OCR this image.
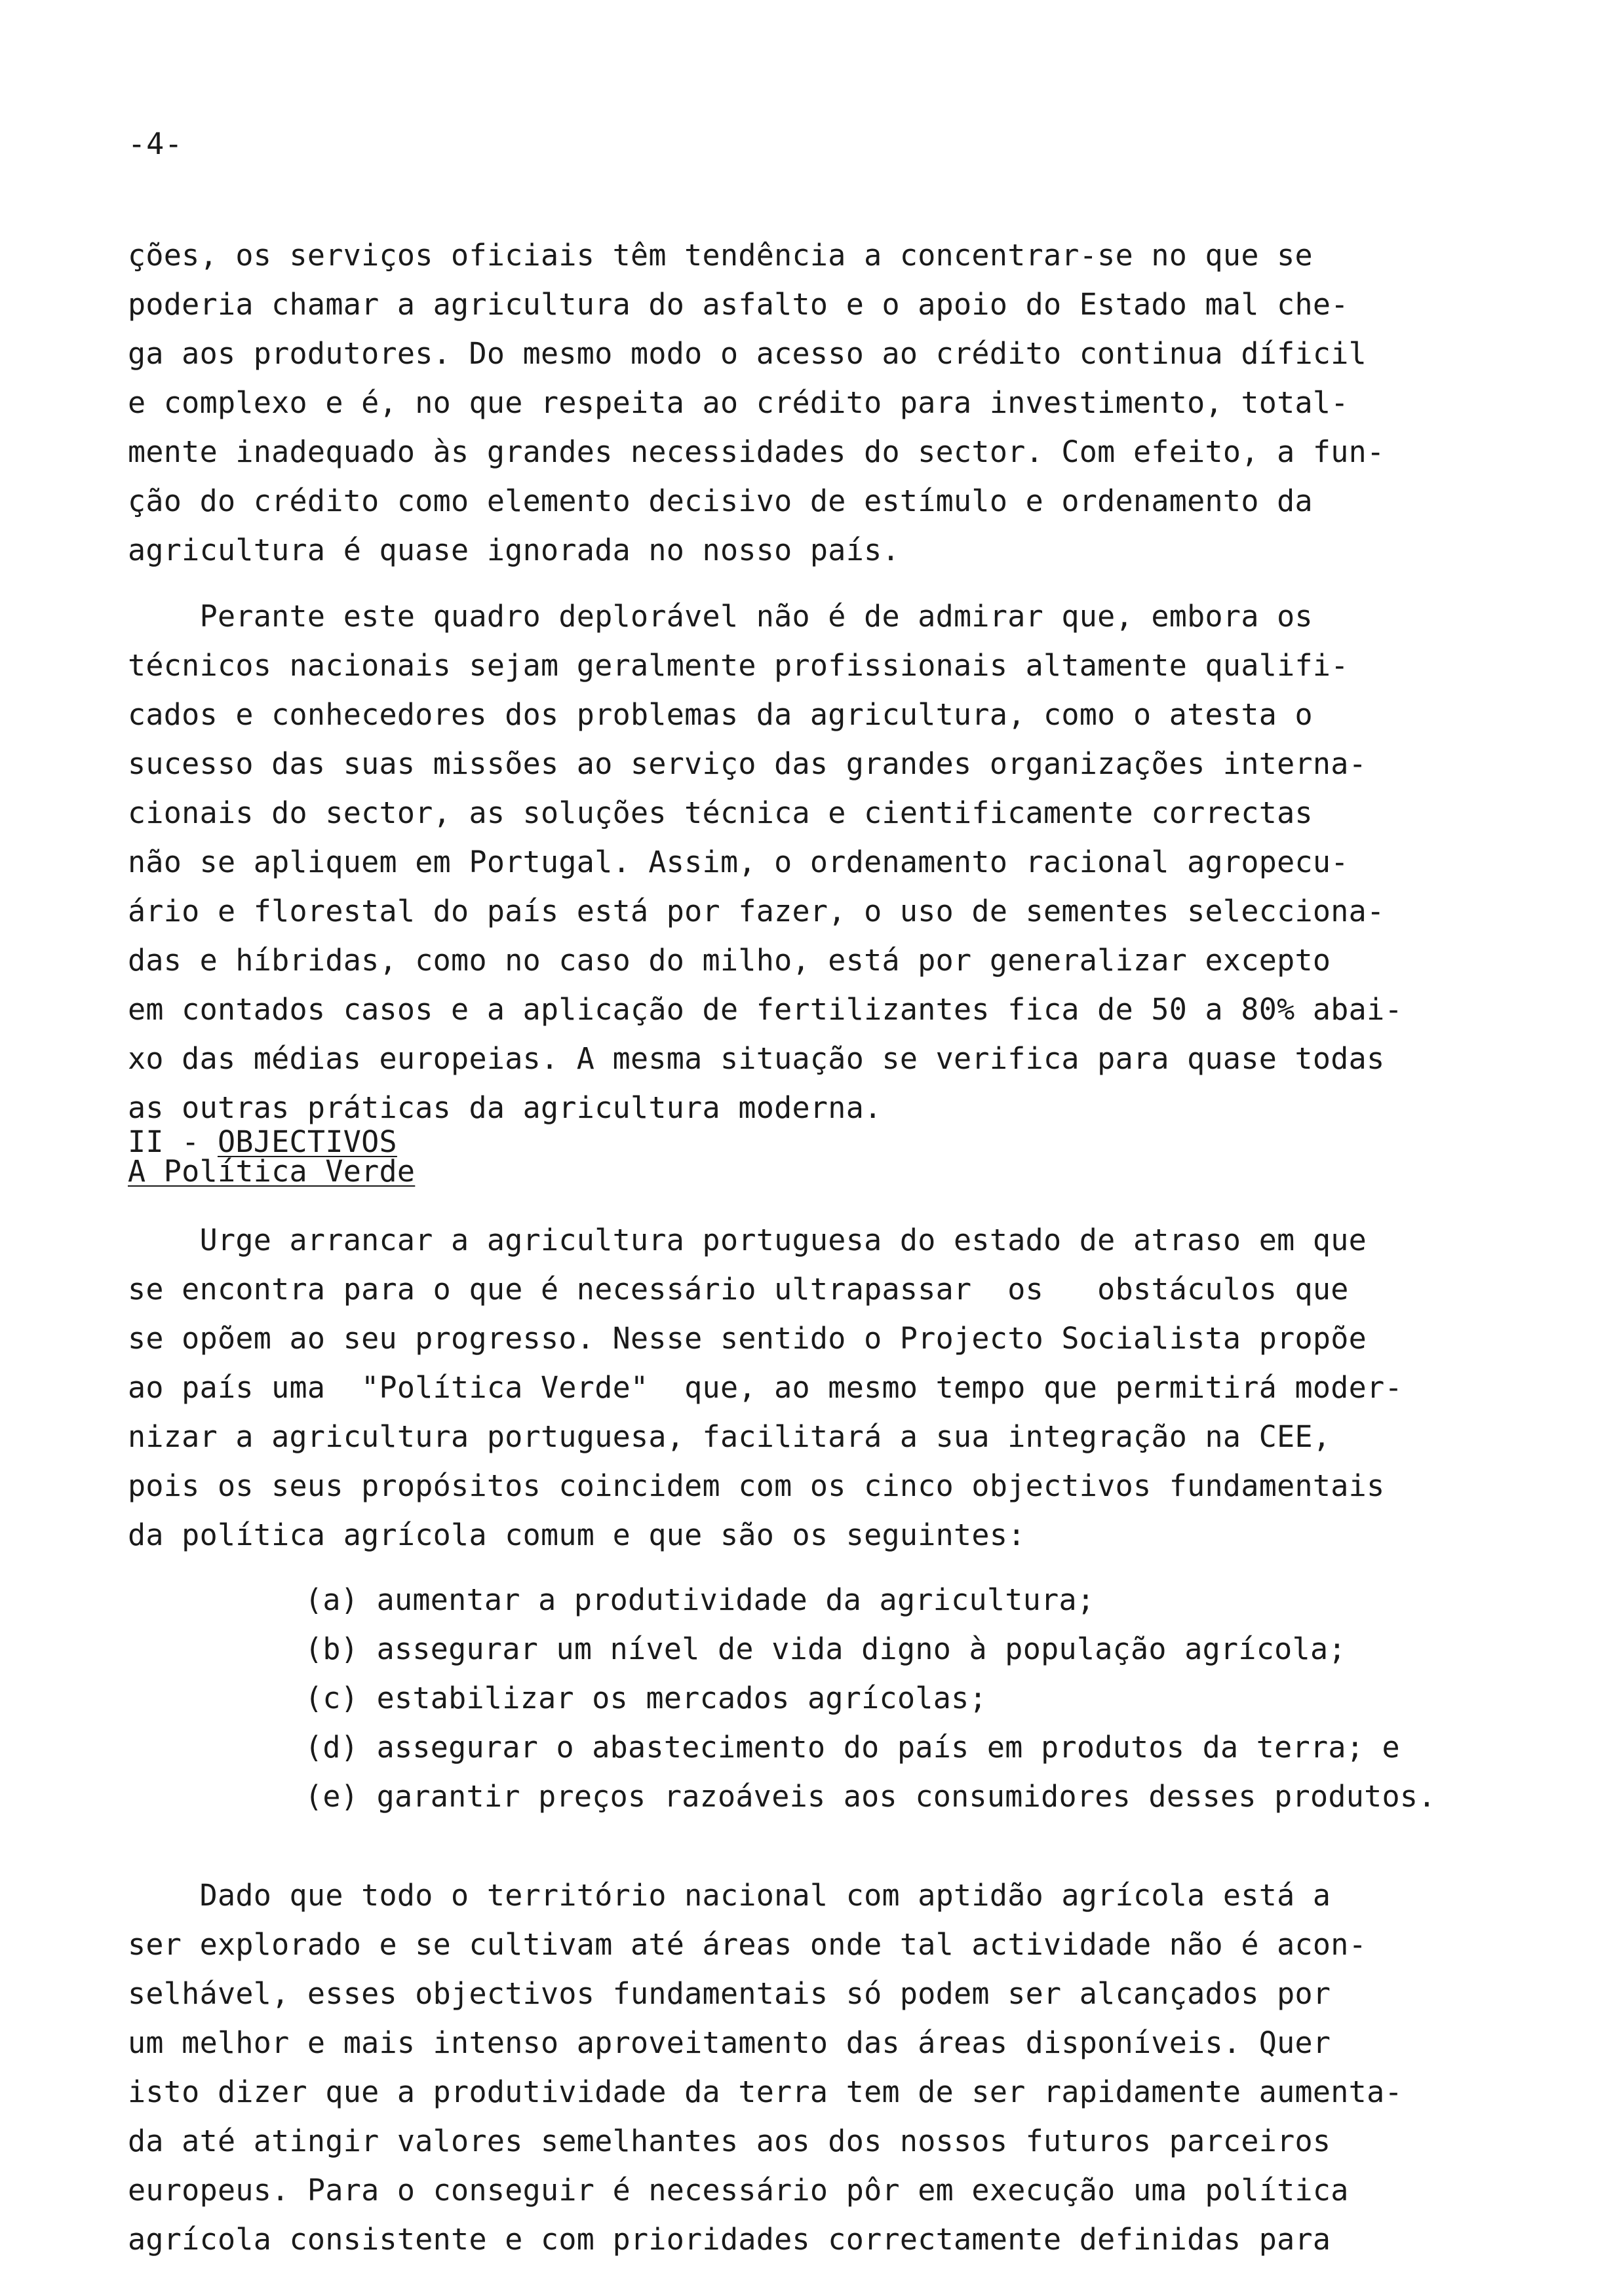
-4-
ções, os serviços oficiais têm tendência a concentrar-se no que se
poderia chamar a agricultura do asfalto e o apoio do Estado mal che-
ga aos produtores. Do mesmo modo o acesso ao crédito continua díficil
e complexo e é, no que respeita ao crédito para investimento, total-
mente inadequado às grandes necessidades do sector. Com efeito, a fun-
ção do crédito como elemento decisivo de estímulo e ordenamento da
agricultura é quase ignorada no nosso país.
Perante este quadro deplorável não é de admirar que, embora os
técnicos nacionais sejam geralmente profissionais altamente qualifi-
cados e conhecedores dos problemas da agricultura, como o atesta o
sucesso das suas missões ao serviço das grandes organizações interna-
cionais do sector, as soluções técnica e cientificamente correctas
não se apliquem em Portugal. Assim, o ordenamento racional agropecu-
ário e florestal do país está por fazer, o uso de sementes selecciona-
das e híbridas, como no caso do milho, está por generalizar excepto
em contados casos e a aplicação de fertilizantes fica de 50 a 80% abai-
xo das médias europeias. A mesma situação se verifica para quase todas
as outras práticas da agricultura moderna.
II - OBJECTIVOS
A Política Verde
Urge arrancar a agricultura portuguesa do estado de atraso em que
se encontra para o que é necessário ultrapassar  os   obstáculos que
se opõem ao seu progresso. Nesse sentido o Projecto Socialista propõe
ao país uma  "Política Verde"  que, ao mesmo tempo que permitirá moder-
nizar a agricultura portuguesa, facilitará a sua integração na CEE,
pois os seus propósitos coincidem com os cinco objectivos fundamentais
da política agrícola comum e que são os seguintes:
(a) aumentar a produtividade da agricultura;
(b) assegurar um nível de vida digno à população agrícola;
(c) estabilizar os mercados agrícolas;
(d) assegurar o abastecimento do país em produtos da terra; e
(e) garantir preços razoáveis aos consumidores desses produtos.
Dado que todo o território nacional com aptidão agrícola está a
ser explorado e se cultivam até áreas onde tal actividade não é acon-
selhável, esses objectivos fundamentais só podem ser alcançados por
um melhor e mais intenso aproveitamento das áreas disponíveis. Quer
isto dizer que a produtividade da terra tem de ser rapidamente aumenta-
da até atingir valores semelhantes aos dos nossos futuros parceiros
europeus. Para o conseguir é necessário pôr em execução uma política
agrícola consistente e com prioridades correctamente definidas para
